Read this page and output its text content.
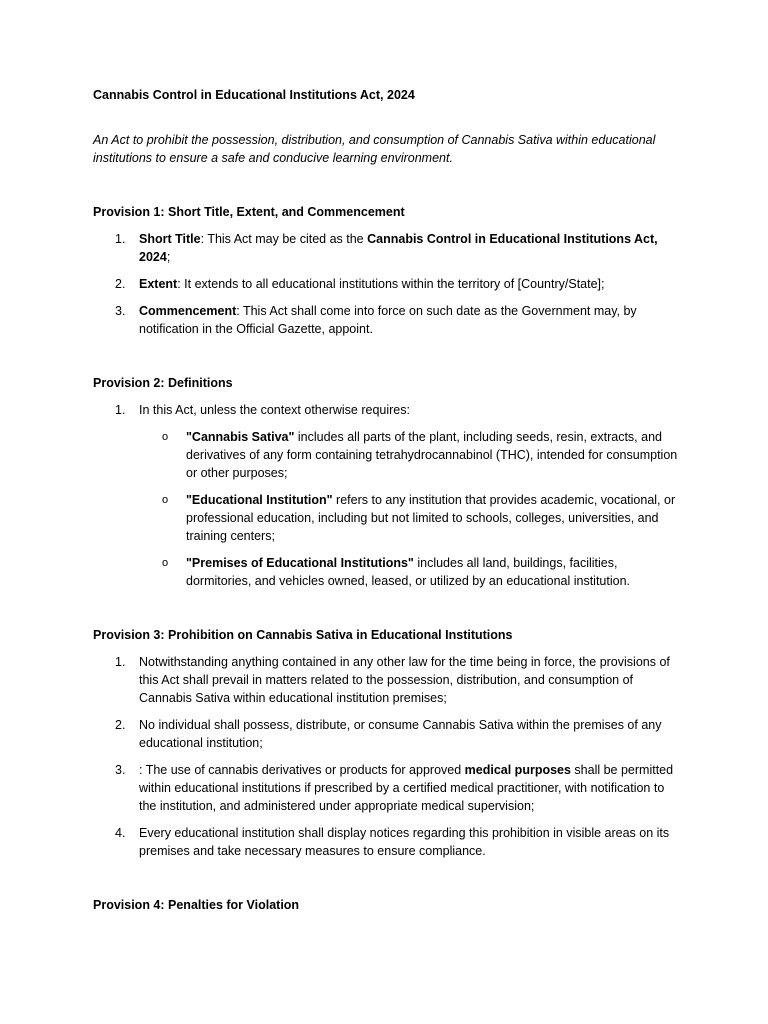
Cannabis Control in Educational Institutions Act, 2024

An Act to prohibit the possession, distribution, and consumption of Cannabis Sativa within educational institutions to ensure a safe and conducive learning environment.

Provision 1: Short Title, Extent, and Commencement

1. Short Title: This Act may be cited as the Cannabis Control in Educational Institutions Act, 2024;
2. Extent: It extends to all educational institutions within the territory of [Country/State];
3. Commencement: This Act shall come into force on such date as the Government may, by notification in the Official Gazette, appoint.

Provision 2: Definitions

1. In this Act, unless the context otherwise requires:
o "Cannabis Sativa" includes all parts of the plant, including seeds, resin, extracts, and derivatives of any form containing tetrahydrocannabinol (THC), intended for consumption or other purposes;
o "Educational Institution" refers to any institution that provides academic, vocational, or professional education, including but not limited to schools, colleges, universities, and training centers;
o "Premises of Educational Institutions" includes all land, buildings, facilities, dormitories, and vehicles owned, leased, or utilized by an educational institution.

Provision 3: Prohibition on Cannabis Sativa in Educational Institutions

1. Notwithstanding anything contained in any other law for the time being in force, the provisions of this Act shall prevail in matters related to the possession, distribution, and consumption of Cannabis Sativa within educational institution premises;
2. No individual shall possess, distribute, or consume Cannabis Sativa within the premises of any educational institution;
3. : The use of cannabis derivatives or products for approved medical purposes shall be permitted within educational institutions if prescribed by a certified medical practitioner, with notification to the institution, and administered under appropriate medical supervision;
4. Every educational institution shall display notices regarding this prohibition in visible areas on its premises and take necessary measures to ensure compliance.

Provision 4: Penalties for Violation
